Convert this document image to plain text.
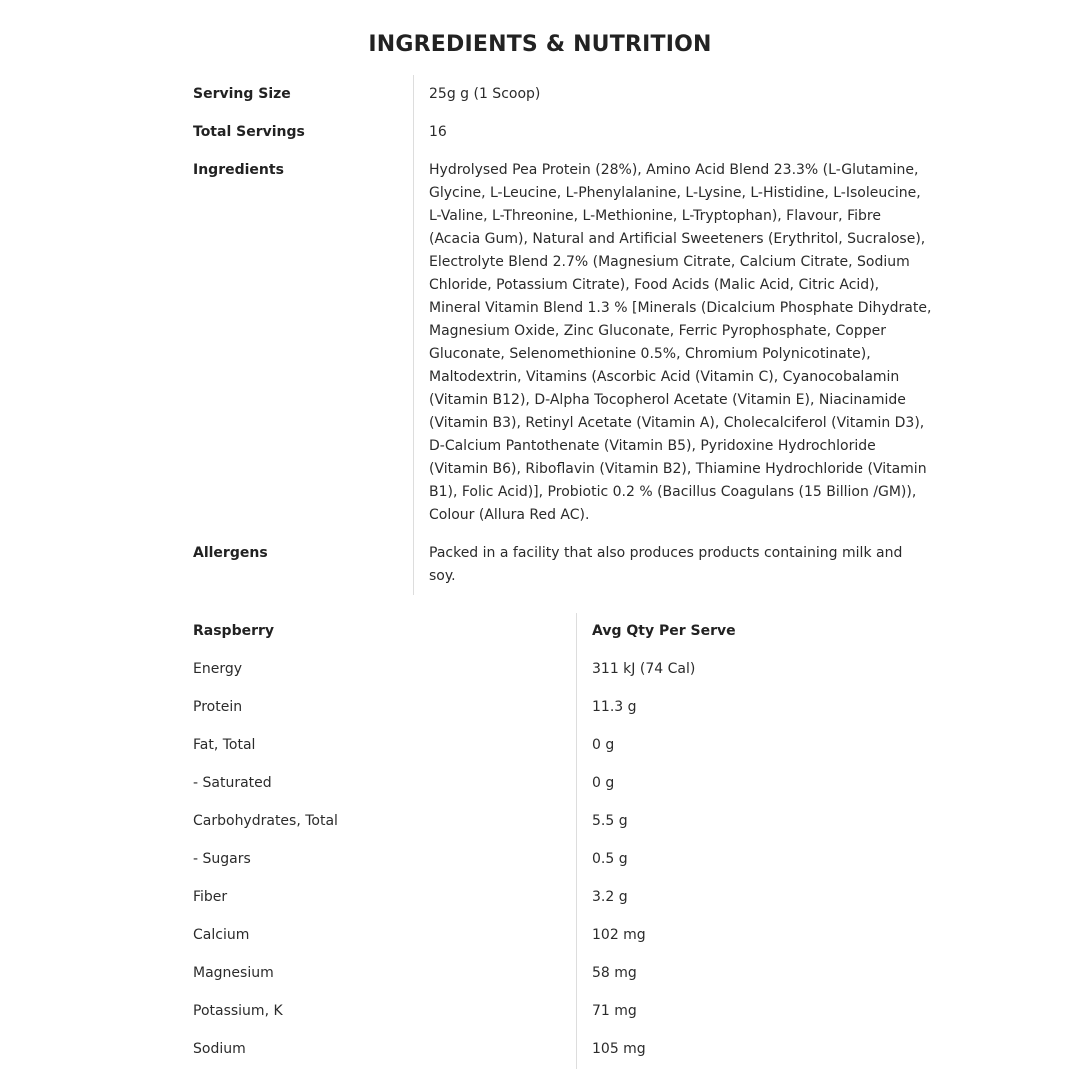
INGREDIENTS & NUTRITION
Serving Size	25g g (1 Scoop)
Total Servings	16
Ingredients	Hydrolysed Pea Protein (28%), Amino Acid Blend 23.3% (L-Glutamine, Glycine, L-Leucine, L-Phenylalanine, L-Lysine, L-Histidine, L-Isoleucine, L-Valine, L-Threonine, L-Methionine, L-Tryptophan), Flavour, Fibre (Acacia Gum), Natural and Artificial Sweeteners (Erythritol, Sucralose), Electrolyte Blend 2.7% (Magnesium Citrate, Calcium Citrate, Sodium Chloride, Potassium Citrate), Food Acids (Malic Acid, Citric Acid), Mineral Vitamin Blend 1.3 % [Minerals (Dicalcium Phosphate Dihydrate, Magnesium Oxide, Zinc Gluconate, Ferric Pyrophosphate, Copper Gluconate, Selenomethionine 0.5%, Chromium Polynicotinate), Maltodextrin, Vitamins (Ascorbic Acid (Vitamin C), Cyanocobalamin (Vitamin B12), D-Alpha Tocopherol Acetate (Vitamin E), Niacinamide (Vitamin B3), Retinyl Acetate (Vitamin A), Cholecalciferol (Vitamin D3), D-Calcium Pantothenate (Vitamin B5), Pyridoxine Hydrochloride (Vitamin B6), Riboflavin (Vitamin B2), Thiamine Hydrochloride (Vitamin B1), Folic Acid)], Probiotic 0.2 % (Bacillus Coagulans (15 Billion /GM)), Colour (Allura Red AC).
Allergens	Packed in a facility that also produces products containing milk and soy.
Raspberry	Avg Qty Per Serve
Energy	311 kJ (74 Cal)
Protein	11.3 g
Fat, Total	0 g
- Saturated	0 g
Carbohydrates, Total	5.5 g
- Sugars	0.5 g
Fiber	3.2 g
Calcium	102 mg
Magnesium	58 mg
Potassium, K	71 mg
Sodium	105 mg
